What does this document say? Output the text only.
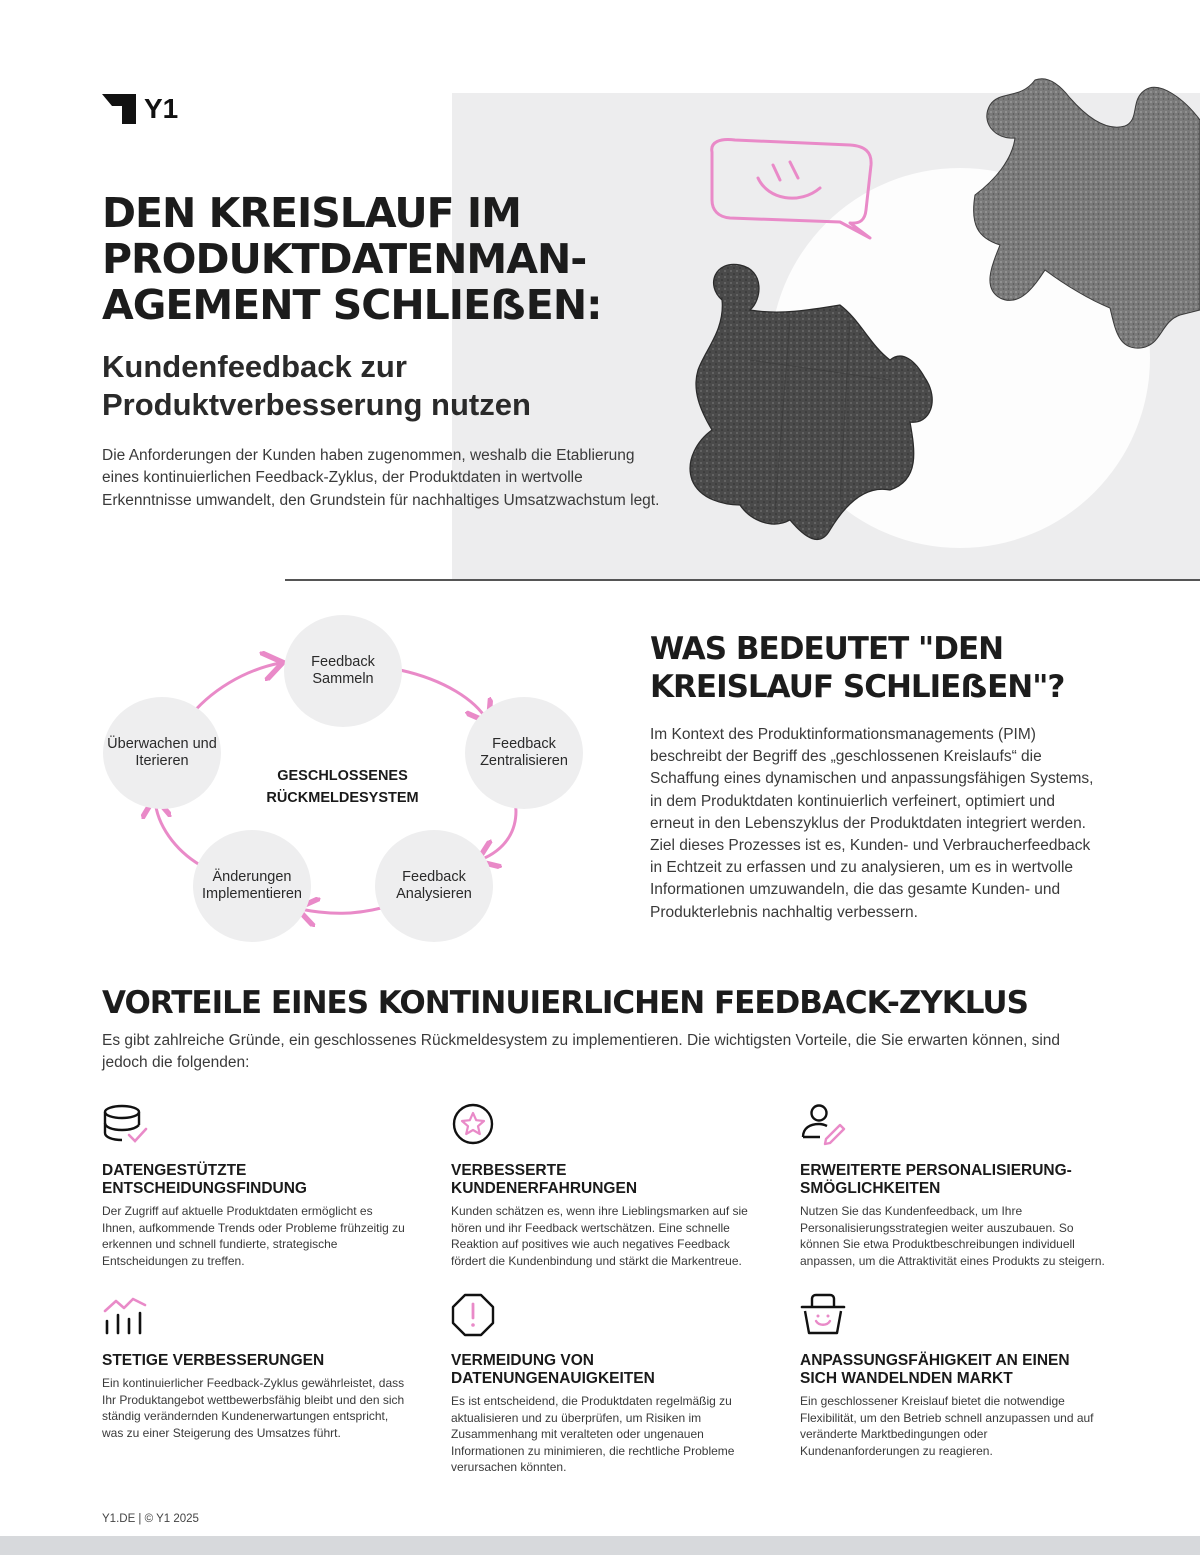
Y1
DEN KREISLAUF IM PRODUKTDATENMAN-AGEMENT SCHLIEẞEN:
Kundenfeedback zur Produktverbesserung nutzen

Die Anforderungen der Kunden haben zugenommen, weshalb die Etablierung eines kontinuierlichen Feedback-Zyklus, der Produktdaten in wertvolle Erkenntnisse umwandelt, den Grundstein für nachhaltiges Umsatzwachstum legt.

Feedback Sammeln
Feedback Zentralisieren
Feedback Analysieren
Änderungen Implementieren
Überwachen und Iterieren
GESCHLOSSENES RÜCKMELDESYSTEM
WAS BEDEUTET "DEN KREISLAUF SCHLIEẞEN"?

Im Kontext des Produktinformationsmanagements (PIM) beschreibt der Begriff des „geschlossenen Kreislaufs“ die Schaffung eines dynamischen und anpassungsfähigen Systems, in dem Produktdaten kontinuierlich verfeinert, optimiert und erneut in den Lebenszyklus der Produktdaten integriert werden. Ziel dieses Prozesses ist es, Kunden- und Verbraucherfeedback in Echtzeit zu erfassen und zu analysieren, um es in wertvolle Informationen umzuwandeln, die das gesamte Kunden- und Produkterlebnis nachhaltig verbessern.

VORTEILE EINES KONTINUIERLICHEN FEEDBACK-ZYKLUS

Es gibt zahlreiche Gründe, ein geschlossenes Rückmeldesystem zu implementieren. Die wichtigsten Vorteile, die Sie erwarten können, sind jedoch die folgenden:

DATENGESTÜTZTE ENTSCHEIDUNGSFINDUNG
Der Zugriff auf aktuelle Produktdaten ermöglicht es Ihnen, aufkommende Trends oder Probleme frühzeitig zu erkennen und schnell fundierte, strategische Entscheidungen zu treffen.
VERBESSERTE KUNDENERFAHRUNGEN
Kunden schätzen es, wenn ihre Lieblingsmarken auf sie hören und ihr Feedback wertschätzen. Eine schnelle Reaktion auf positives wie auch negatives Feedback fördert die Kundenbindung und stärkt die Markentreue.
ERWEITERTE PERSONALISIERUNG-SMÖGLICHKEITEN
Nutzen Sie das Kundenfeedback, um Ihre Personalisierungsstrategien weiter auszubauen. So können Sie etwa Produktbeschreibungen individuell anpassen, um die Attraktivität eines Produkts zu steigern.
STETIGE VERBESSERUNGEN
Ein kontinuierlicher Feedback-Zyklus gewährleistet, dass Ihr Produktangebot wettbewerbsfähig bleibt und den sich ständig verändernden Kundenerwartungen entspricht, was zu einer Steigerung des Umsatzes führt.
VERMEIDUNG VON DATENUNGENAUIGKEITEN
Es ist entscheidend, die Produktdaten regelmäßig zu aktualisieren und zu überprüfen, um Risiken im Zusammenhang mit veralteten oder ungenauen Informationen zu minimieren, die rechtliche Probleme verursachen könnten.
ANPASSUNGSFÄHIGKEIT AN EINEN SICH WANDELNDEN MARKT
Ein geschlossener Kreislauf bietet die notwendige Flexibilität, um den Betrieb schnell anzupassen und auf veränderte Marktbedingungen oder Kundenanforderungen zu reagieren.
Y1.DE | © Y1 2025
